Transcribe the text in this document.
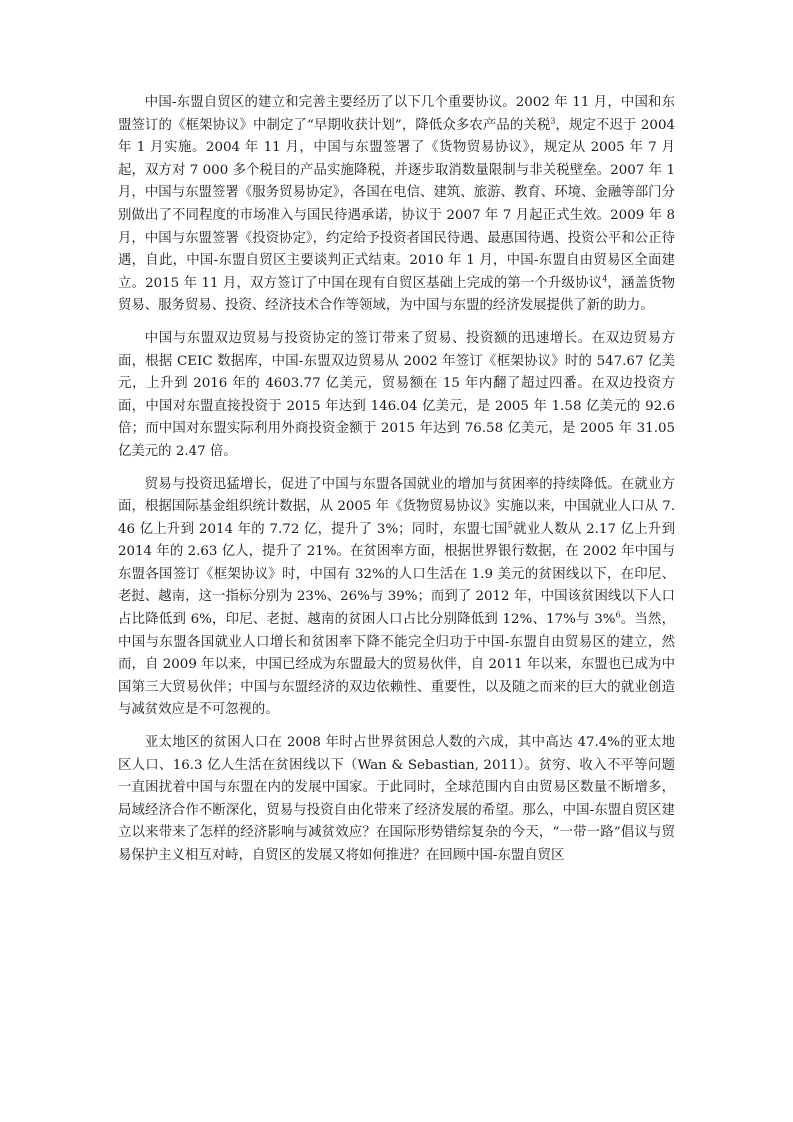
中国-东盟自贸区的建立和完善主要经历了以下几个重要协议。2002 年 11 月，中国和东盟签订的《框架协议》中制定了“早期收获计划”，降低众多农产品的关税$^3$，规定不迟于 2004 年 1 月实施。2004 年 11 月，中国与东盟签署了《货物贸易协议》，规定从 2005 年 7 月起，双方对 7 000 多个税目的产品实施降税，并逐步取消数量限制与非关税壁垒。2007 年 1 月，中国与东盟签署《服务贸易协定》，各国在电信、建筑、旅游、教育、环境、金融等部门分别做出了不同程度的市场准入与国民待遇承诺，协议于 2007 年 7 月起正式生效。2009 年 8 月，中国与东盟签署《投资协定》，约定给予投资者国民待遇、最惠国待遇、投资公平和公正待遇，自此，中国-东盟自贸区主要谈判正式结束。2010 年 1 月，中国-东盟自由贸易区全面建立。2015 年 11 月，双方签订了中国在现有自贸区基础上完成的第一个升级协议$^4$，涵盖货物贸易、服务贸易、投资、经济技术合作等领域，为中国与东盟的经济发展提供了新的助力。

中国与东盟双边贸易与投资协定的签订带来了贸易、投资额的迅速增长。在双边贸易方面，根据 CEIC 数据库，中国-东盟双边贸易从 2002 年签订《框架协议》时的 547.67 亿美元，上升到 2016 年的 4603.77 亿美元，贸易额在 15 年内翻了超过四番。在双边投资方面，中国对东盟直接投资于 2015 年达到 146.04 亿美元，是 2005 年 1.58 亿美元的 92.6 倍；而中国对东盟实际利用外商投资金额于 2015 年达到 76.58 亿美元，是 2005 年 31.05 亿美元的 2.47 倍。

贸易与投资迅猛增长，促进了中国与东盟各国就业的增加与贫困率的持续降低。在就业方面，根据国际基金组织统计数据，从 2005 年《货物贸易协议》实施以来，中国就业人口从 7.46 亿上升到 2014 年的 7.72 亿，提升了 3%；同时，东盟七国$^5$就业人数从 2.17 亿上升到 2014 年的 2.63 亿人，提升了 21%。在贫困率方面，根据世界银行数据，在 2002 年中国与东盟各国签订《框架协议》时，中国有 32%的人口生活在 1.9 美元的贫困线以下，在印尼、老挝、越南，这一指标分别为 23%、26%与 39%；而到了 2012 年，中国该贫困线以下人口占比降低到 6%，印尼、老挝、越南的贫困人口占比分别降低到 12%、17%与 3%$^6$。当然，中国与东盟各国就业人口增长和贫困率下降不能完全归功于中国-东盟自由贸易区的建立，然而，自 2009 年以来，中国已经成为东盟最大的贸易伙伴，自 2011 年以来，东盟也已成为中国第三大贸易伙伴；中国与东盟经济的双边依赖性、重要性，以及随之而来的巨大的就业创造与减贫效应是不可忽视的。

亚太地区的贫困人口在 2008 年时占世界贫困总人数的六成，其中高达 47.4%的亚太地区人口、16.3 亿人生活在贫困线以下（Wan & Sebastian, 2011）。贫穷、收入不平等问题一直困扰着中国与东盟在内的发展中国家。于此同时，全球范围内自由贸易区数量不断增多，局域经济合作不断深化，贸易与投资自由化带来了经济发展的希望。那么，中国-东盟自贸区建立以来带来了怎样的经济影响与减贫效应？在国际形势错综复杂的今天，“一带一路”倡议与贸易保护主义相互对峙，自贸区的发展又将如何推进？在回顾中国-东盟自贸区
